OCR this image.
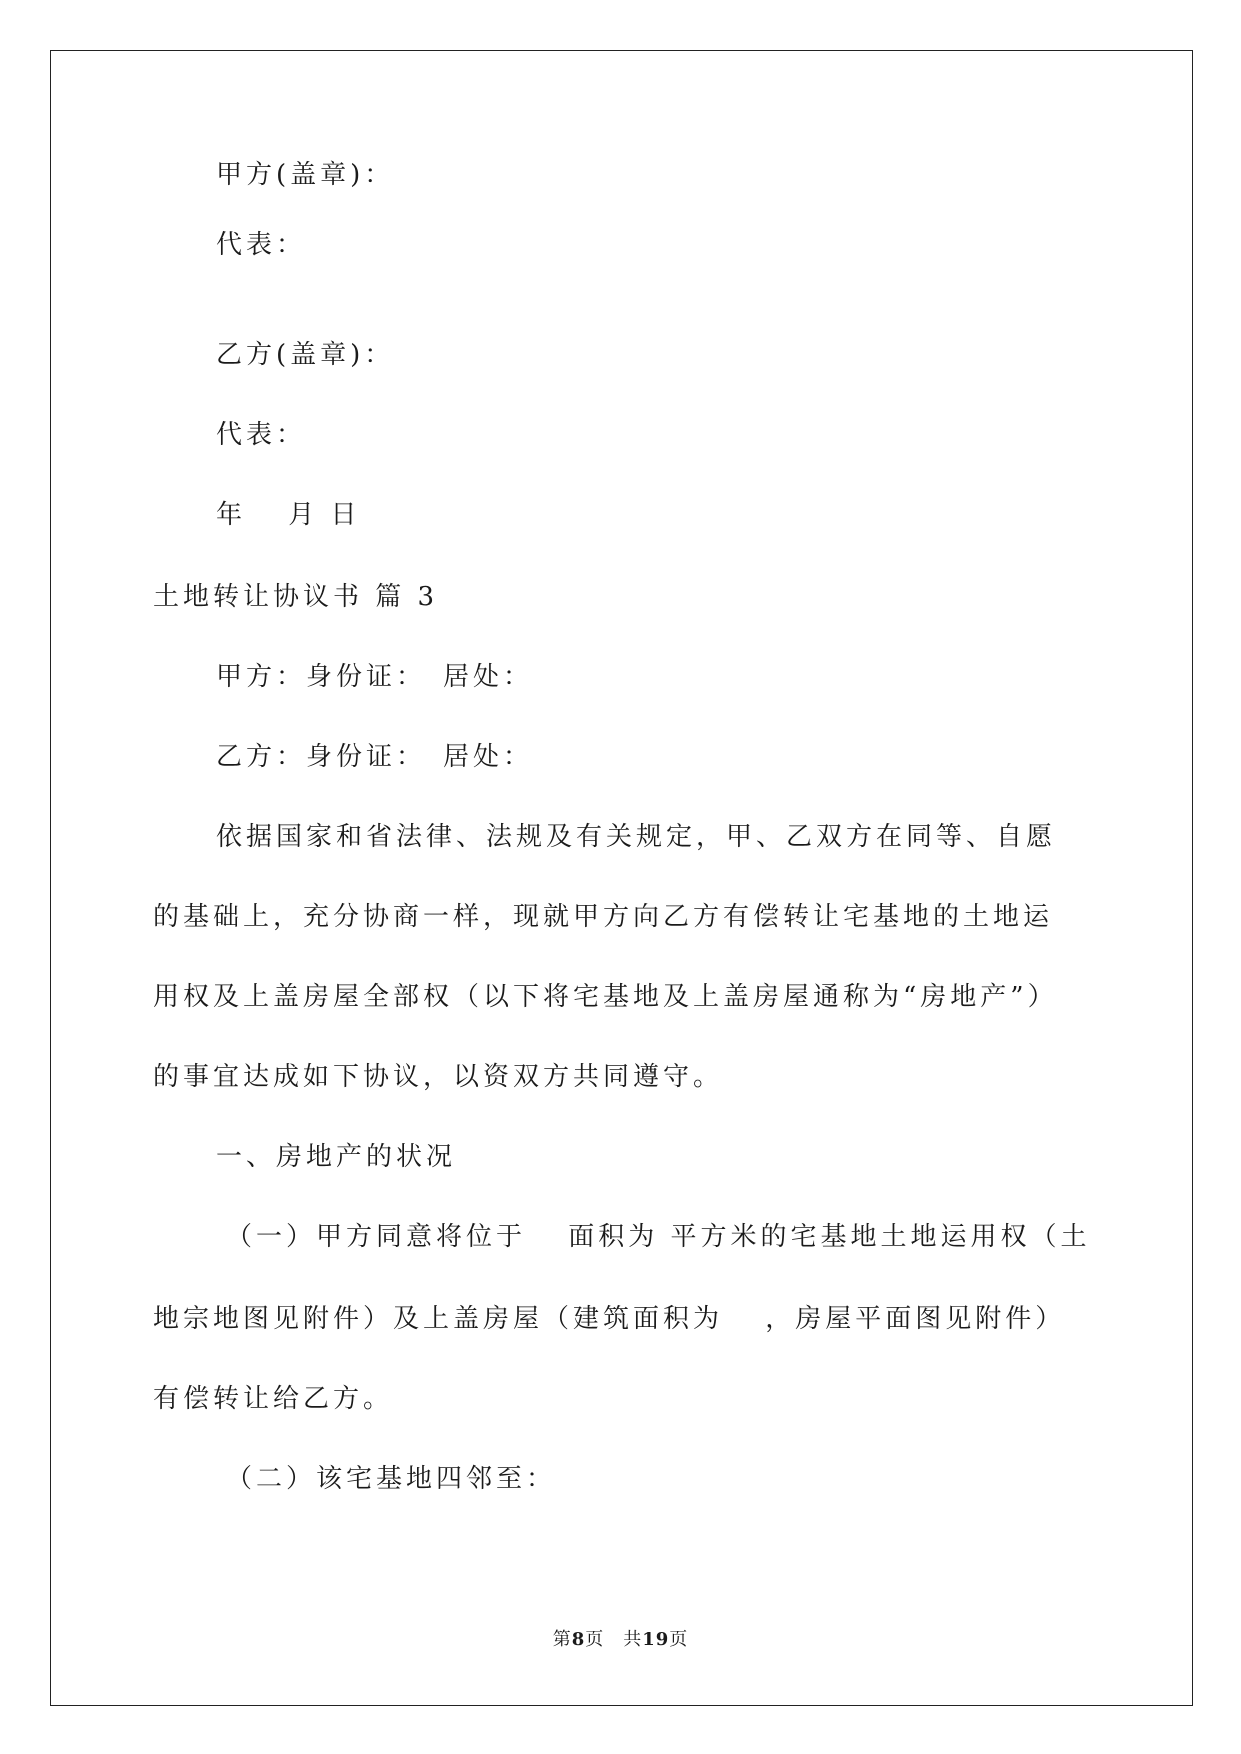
甲方(盖章)：
代表：
乙方(盖章)：
代表：
年　 月 日
土地转让协议书 篇 3
甲方：身份证：　居处：
乙方：身份证：　居处：
依据国家和省法律、法规及有关规定，甲、乙双方在同等、自愿
的基础上，充分协商一样，现就甲方向乙方有偿转让宅基地的土地运
用权及上盖房屋全部权（以下将宅基地及上盖房屋通称为“房地产”）
的事宜达成如下协议，以资双方共同遵守。
一、房地产的状况
（一）甲方同意将位于　 面积为 平方米的宅基地土地运用权（土
地宗地图见附件）及上盖房屋（建筑面积为　 ，房屋平面图见附件）
有偿转让给乙方。
（二）该宅基地四邻至：
第8页　共19页
